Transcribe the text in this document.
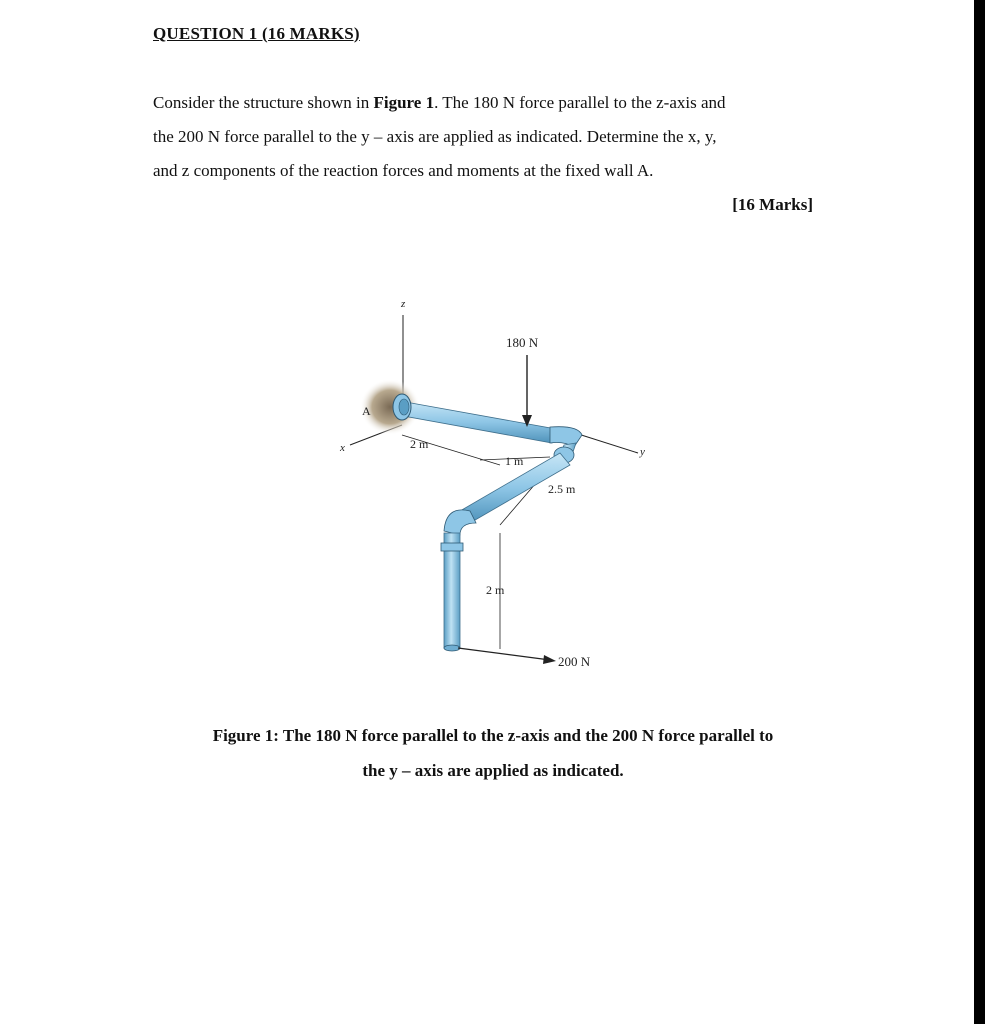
QUESTION 1 (16 MARKS)

Consider the structure shown in Figure 1. The 180 N force parallel to the z-axis and

the 200 N force parallel to the y – axis are applied as indicated. Determine the x, y,

and z components of the reaction forces and moments at the fixed wall A.

[16 Marks]
z
x
A
2 m
1 m
2.5 m
y
180 N
2 m
200 N
Figure 1: The 180 N force parallel to the z-axis and the 200 N force parallel to
the y – axis are applied as indicated.
